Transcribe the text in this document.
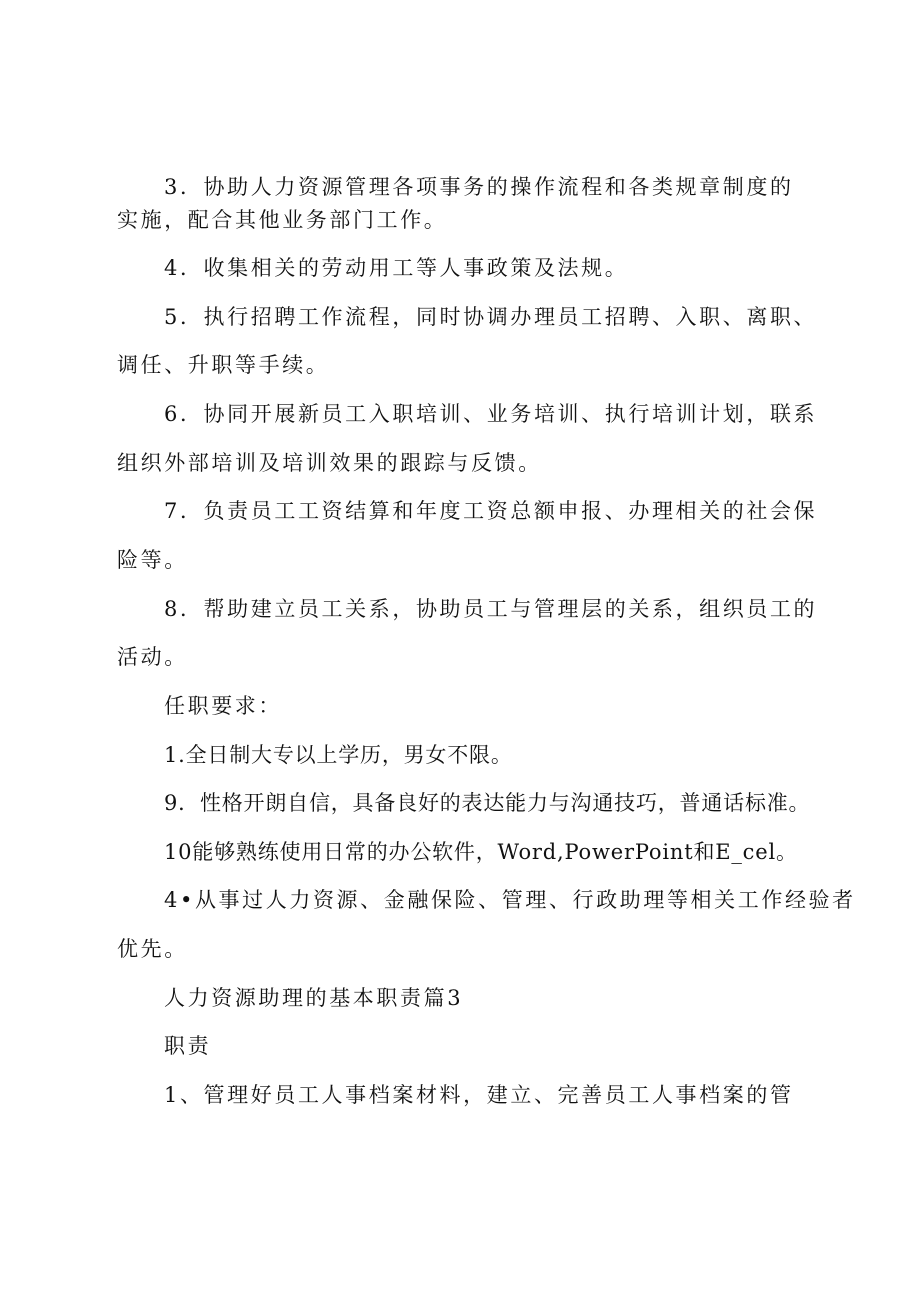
3．协助人力资源管理各项事务的操作流程和各类规章制度的
实施，配合其他业务部门工作。
4．收集相关的劳动用工等人事政策及法规。
5．执行招聘工作流程，同时协调办理员工招聘、入职、离职、
调任、升职等手续。
6．协同开展新员工入职培训、业务培训、执行培训计划，联系
组织外部培训及培训效果的跟踪与反馈。
7．负责员工工资结算和年度工资总额申报、办理相关的社会保
险等。
8．帮助建立员工关系，协助员工与管理层的关系，组织员工的
活动。
任职要求：
1.全日制大专以上学历，男女不限。
9．性格开朗自信，具备良好的表达能力与沟通技巧，普通话标准。
10能够熟练使用日常的办公软件，Word,PowerPoint和E_cel。
4•从事过人力资源、金融保险、管理、行政助理等相关工作经验者
优先。
人力资源助理的基本职责篇3
职责
1、管理好员工人事档案材料，建立、完善员工人事档案的管
